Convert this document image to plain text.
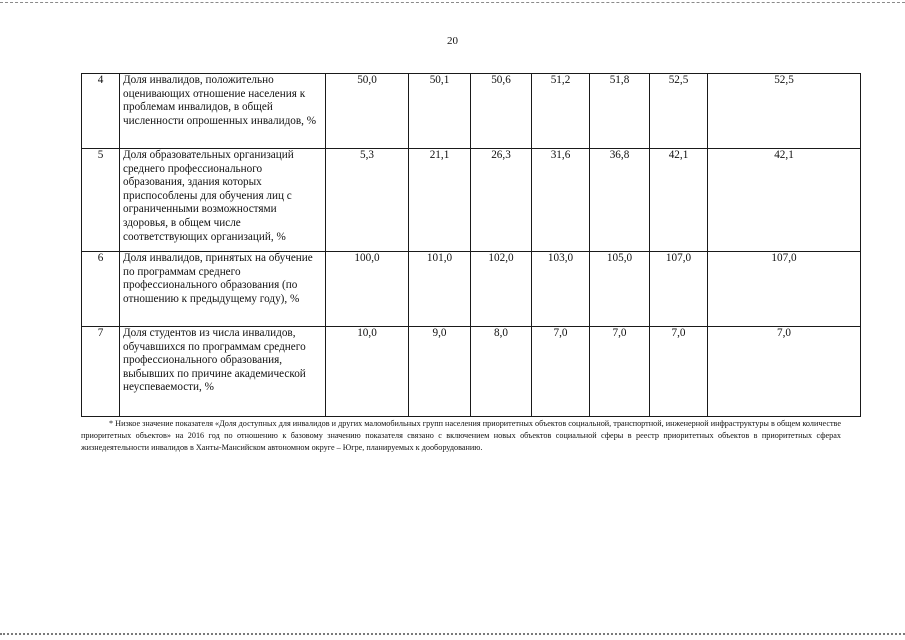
20
4	Доля инвалидов, положительно оценивающих отношение населения к проблемам инвалидов, в общей численности опрошенных инвалидов, %	50,0	50,1	50,6	51,2	51,8	52,5	52,5
5	Доля образовательных организаций среднего профессионального образования, здания которых приспособлены для обучения лиц с ограниченными возможностями здоровья, в общем числе соответствующих организаций, %	5,3	21,1	26,3	31,6	36,8	42,1	42,1
6	Доля инвалидов, принятых на обучение по программам среднего профессионального образования (по отношению к предыдущему году), %	100,0	101,0	102,0	103,0	105,0	107,0	107,0
7	Доля студентов из числа инвалидов, обучавшихся по программам среднего профессионального образования, выбывших по причине академической неуспеваемости, %	10,0	9,0	8,0	7,0	7,0	7,0	7,0
* Низкое значение показателя «Доля доступных для инвалидов и других маломобильных групп населения приоритетных объектов социальной, транспортной, инженерной инфраструктуры в общем количестве приоритетных объектов» на 2016 год по отношению к базовому значению показателя связано с включением новых объектов социальной сферы в реестр приоритетных объектов в приоритетных сферах жизнедеятельности инвалидов в Ханты-Мансийском автономном округе – Югре, планируемых к дооборудованию.
